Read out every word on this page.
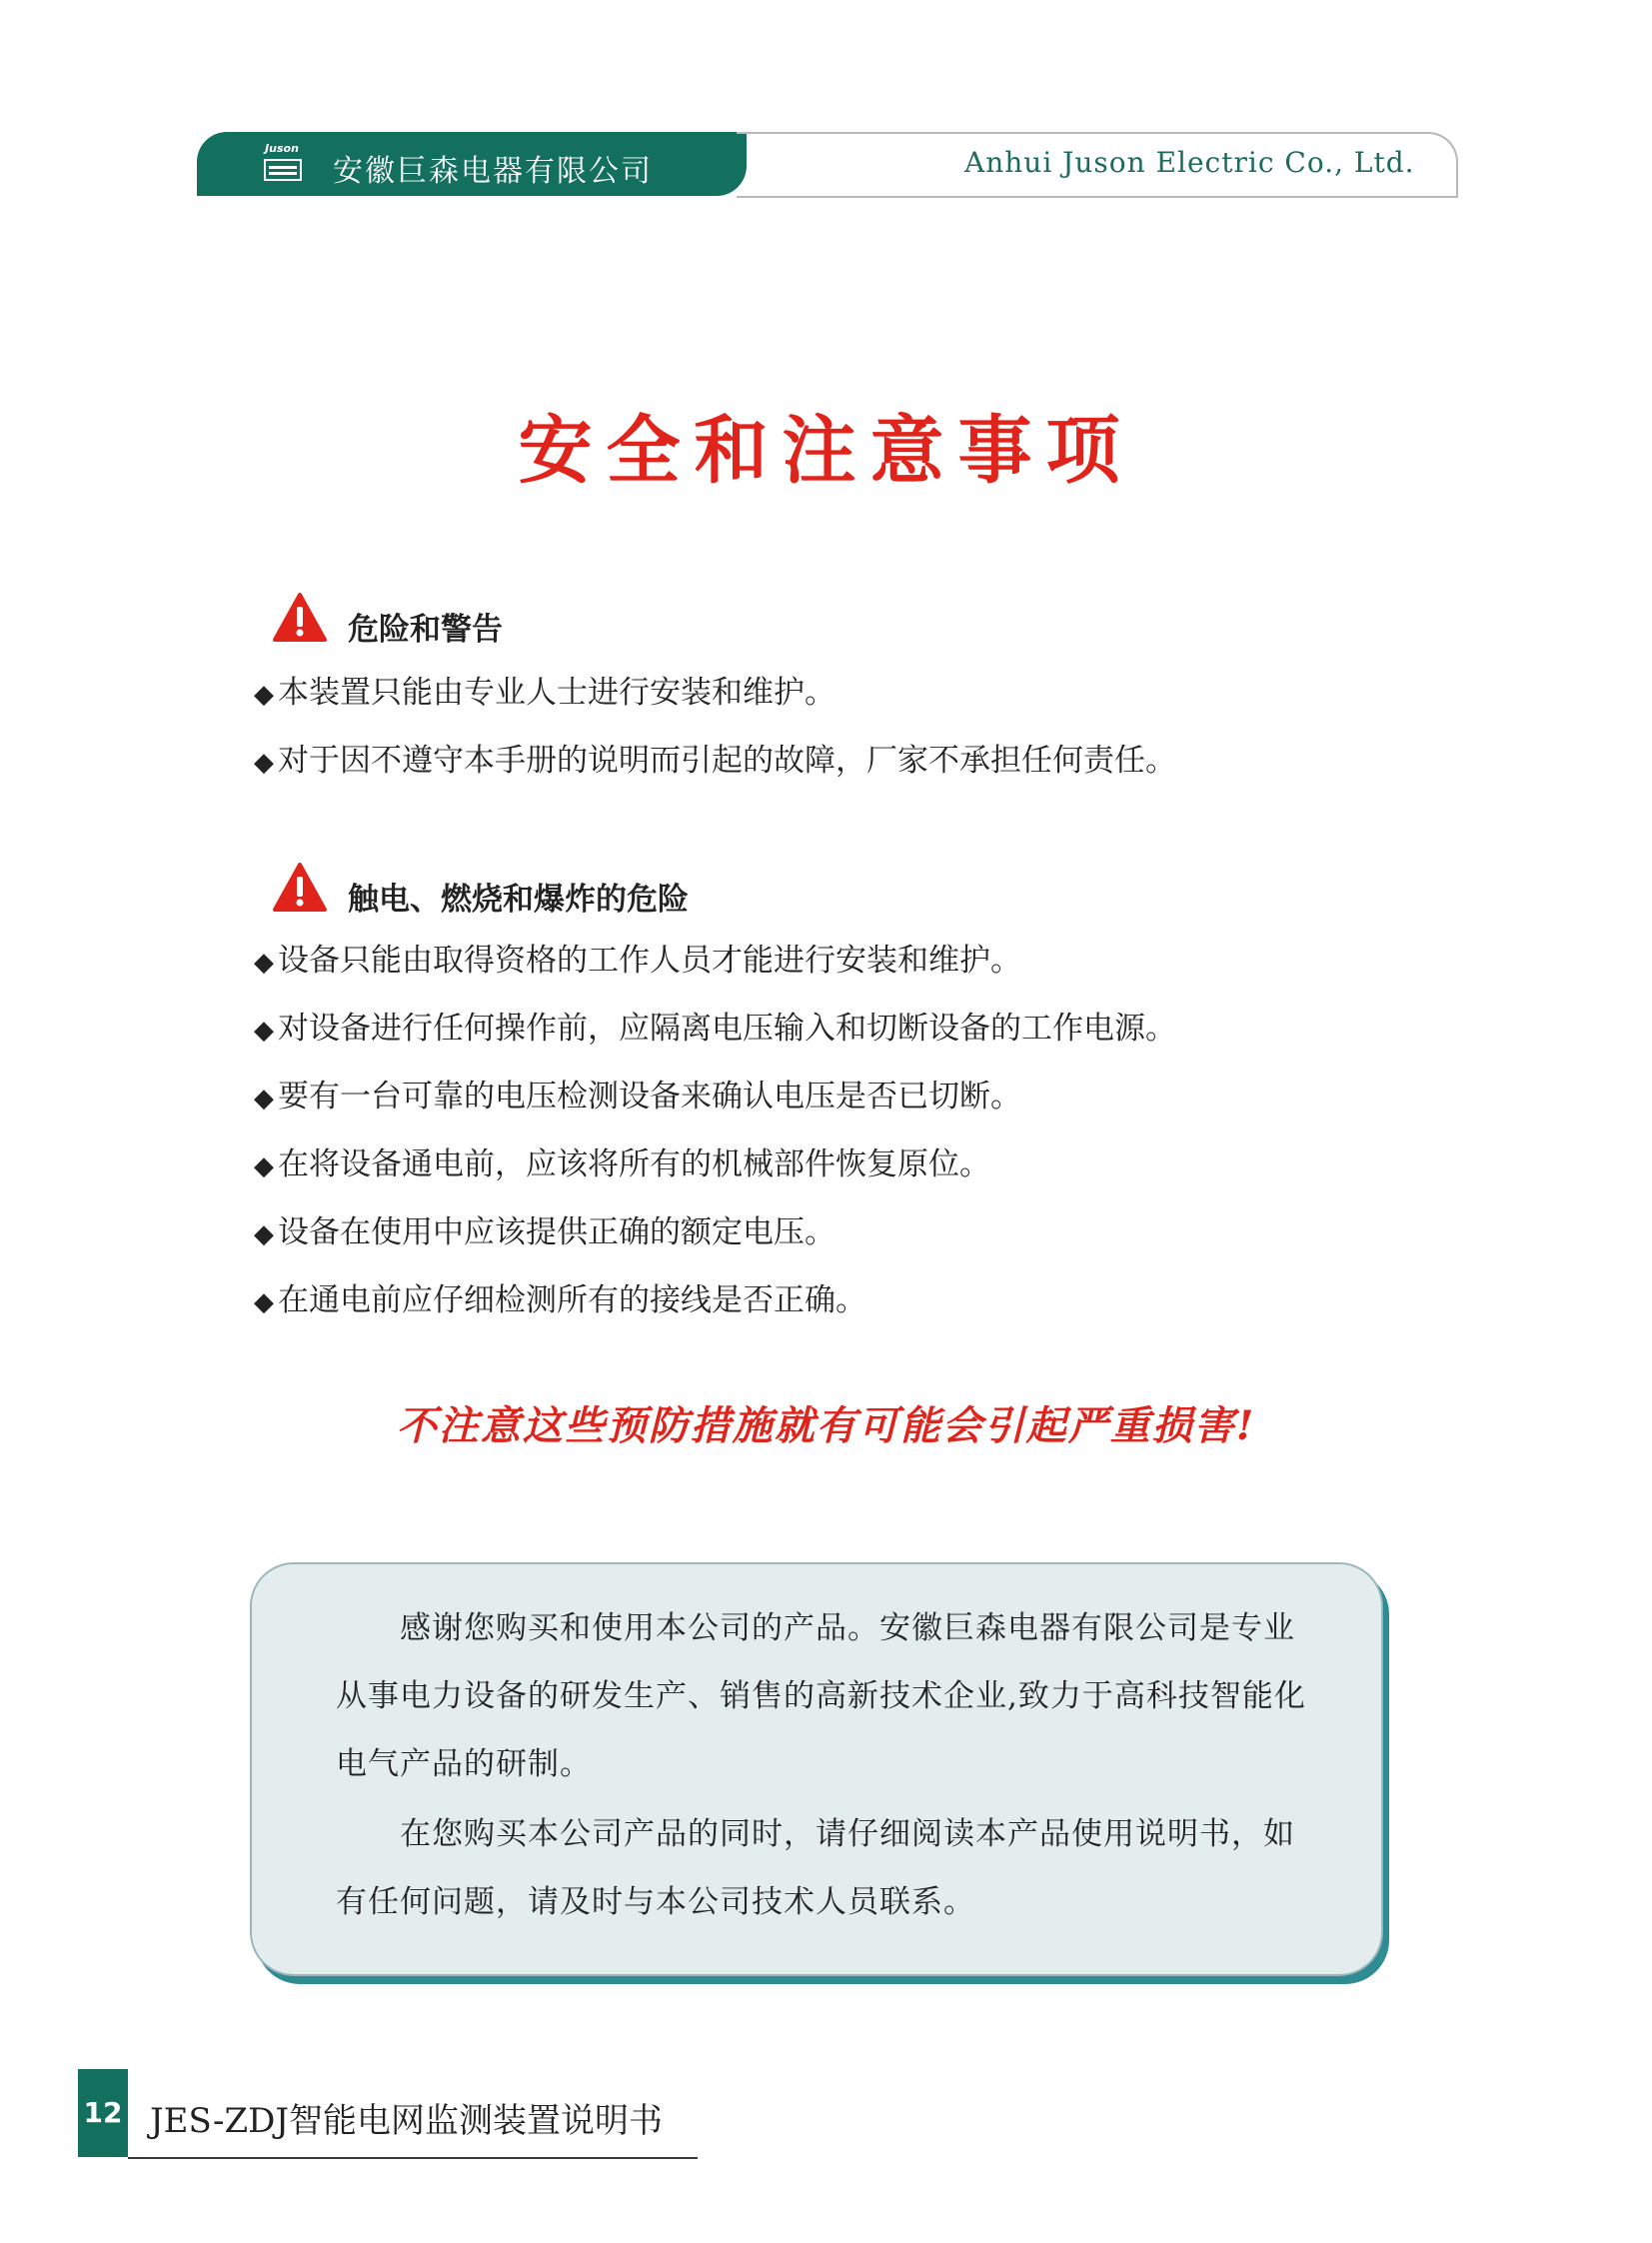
Juson
安徽巨森电器有限公司	Anhui Juson Electric Co., Ltd.
安全和注意事项
危险和警告
◆ 本装置只能由专业人士进行安装和维护。
◆ 对于因不遵守本手册的说明而引起的故障，厂家不承担任何责任。
触电、燃烧和爆炸的危险
◆ 设备只能由取得资格的工作人员才能进行安装和维护。
◆ 对设备进行任何操作前，应隔离电压输入和切断设备的工作电源。
◆ 要有一台可靠的电压检测设备来确认电压是否已切断。
◆ 在将设备通电前，应该将所有的机械部件恢复原位。
◆ 设备在使用中应该提供正确的额定电压。
◆ 在通电前应仔细检测所有的接线是否正确。
不注意这些预防措施就有可能会引起严重损害!

感谢您购买和使用本公司的产品。安徽巨森电器有限公司是专业从事电力设备的研发生产、销售的高新技术企业,致力于高科技智能化电气产品的研制。

在您购买本公司产品的同时，请仔细阅读本产品使用说明书，如有任何问题，请及时与本公司技术人员联系。

12 JES-ZDJ智能电网监测装置说明书
